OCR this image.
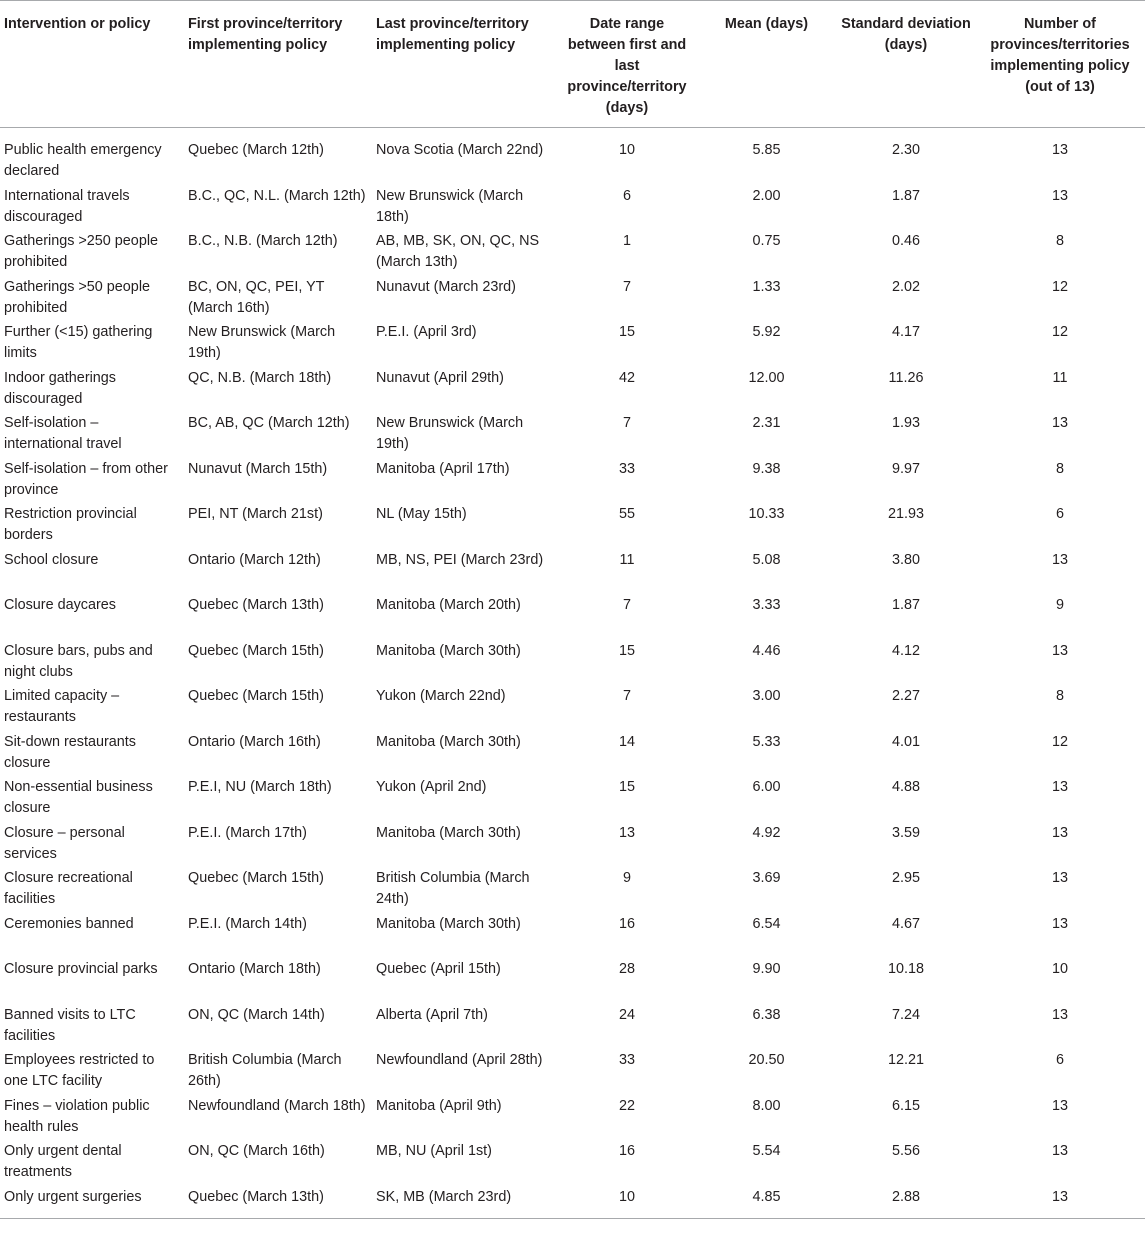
Intervention or policy	First province/territory implementing policy	Last province/territory implementing policy	Date range between first and last province/territory (days)	Mean (days)	Standard deviation (days)	Number of provinces/territories implementing policy (out of 13)
Public health emergency declared	Quebec (March 12th)	Nova Scotia (March 22nd)	10	5.85	2.30	13
International travels discouraged	B.C., QC, N.L. (March 12th)	New Brunswick (March 18th)	6	2.00	1.87	13
Gatherings >250 people prohibited	B.C., N.B. (March 12th)	AB, MB, SK, ON, QC, NS (March 13th)	1	0.75	0.46	8
Gatherings >50 people prohibited	BC, ON, QC, PEI, YT (March 16th)	Nunavut (March 23rd)	7	1.33	2.02	12
Further (<15) gathering limits	New Brunswick (March 19th)	P.E.I. (April 3rd)	15	5.92	4.17	12
Indoor gatherings discouraged	QC, N.B. (March 18th)	Nunavut (April 29th)	42	12.00	11.26	11
Self-isolation – international travel	BC, AB, QC (March 12th)	New Brunswick (March 19th)	7	2.31	1.93	13
Self-isolation – from other province	Nunavut (March 15th)	Manitoba (April 17th)	33	9.38	9.97	8
Restriction provincial borders	PEI, NT (March 21st)	NL (May 15th)	55	10.33	21.93	6
School closure	Ontario (March 12th)	MB, NS, PEI (March 23rd)	11	5.08	3.80	13
Closure daycares	Quebec (March 13th)	Manitoba (March 20th)	7	3.33	1.87	9
Closure bars, pubs and night clubs	Quebec (March 15th)	Manitoba (March 30th)	15	4.46	4.12	13
Limited capacity – restaurants	Quebec (March 15th)	Yukon (March 22nd)	7	3.00	2.27	8
Sit-down restaurants closure	Ontario (March 16th)	Manitoba (March 30th)	14	5.33	4.01	12
Non-essential business closure	P.E.I, NU (March 18th)	Yukon (April 2nd)	15	6.00	4.88	13
Closure – personal services	P.E.I. (March 17th)	Manitoba (March 30th)	13	4.92	3.59	13
Closure recreational facilities	Quebec (March 15th)	British Columbia (March 24th)	9	3.69	2.95	13
Ceremonies banned	P.E.I. (March 14th)	Manitoba (March 30th)	16	6.54	4.67	13
Closure provincial parks	Ontario (March 18th)	Quebec (April 15th)	28	9.90	10.18	10
Banned visits to LTC facilities	ON, QC (March 14th)	Alberta (April 7th)	24	6.38	7.24	13
Employees restricted to one LTC facility	British Columbia (March 26th)	Newfoundland (April 28th)	33	20.50	12.21	6
Fines – violation public health rules	Newfoundland (March 18th)	Manitoba (April 9th)	22	8.00	6.15	13
Only urgent dental treatments	ON, QC (March 16th)	MB, NU (April 1st)	16	5.54	5.56	13
Only urgent surgeries	Quebec (March 13th)	SK, MB (March 23rd)	10	4.85	2.88	13
